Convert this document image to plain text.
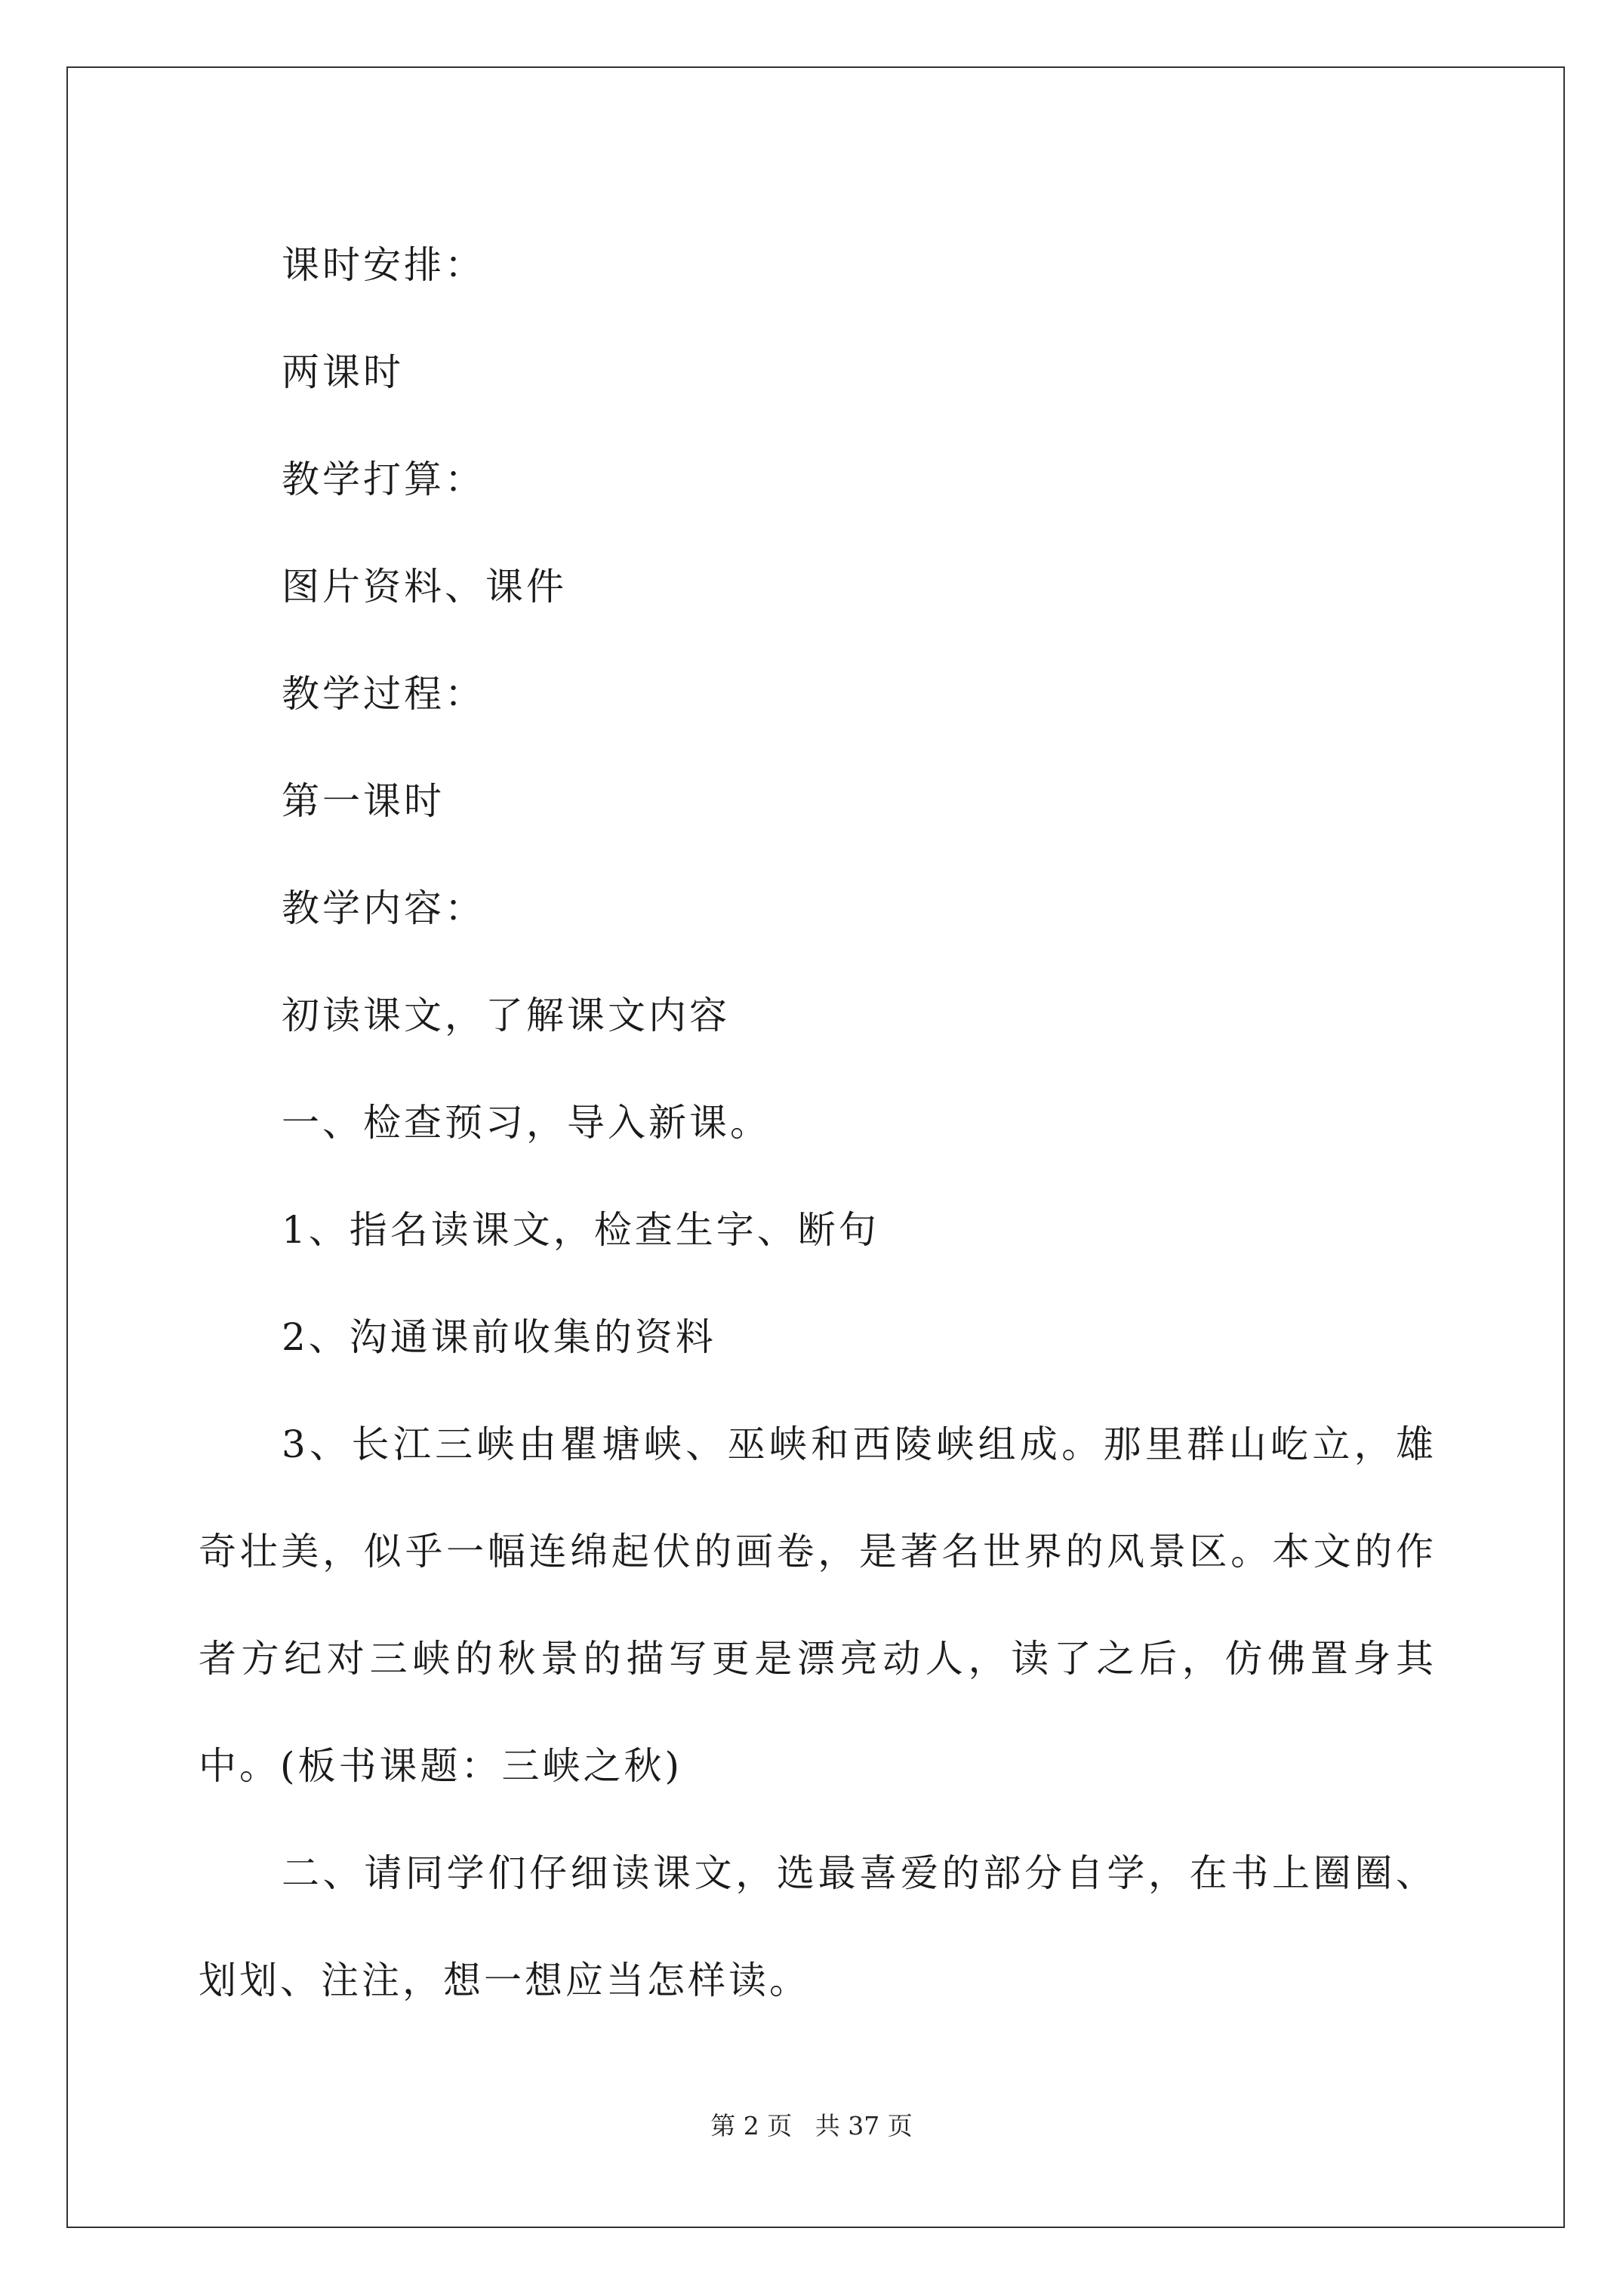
课时安排：

两课时

教学打算：

图片资料、课件

教学过程：

第一课时

教学内容：

初读课文，了解课文内容

一、检查预习，导入新课。

1、指名读课文，检查生字、断句

2、沟通课前收集的资料

3、长江三峡由瞿塘峡、巫峡和西陵峡组成。那里群山屹立，雄奇壮美，似乎一幅连绵起伏的画卷，是著名世界的风景区。本文的作者方纪对三峡的秋景的描写更是漂亮动人，读了之后，仿佛置身其中。(板书课题：三峡之秋)

二、请同学们仔细读课文，选最喜爱的部分自学，在书上圈圈、划划、注注，想一想应当怎样读。

第 2 页 共 37 页
